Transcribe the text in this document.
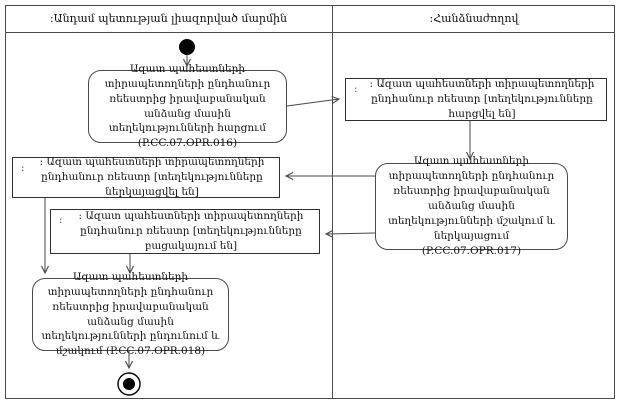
:Անդամ պետության լիազորված մարմին	:Հանձնաժողով
Ազատ պահեստների տիրապետողների ընդհանուր ռեեստրից իրավաբանական անձանց մասին տեղեկությունների հարցում (P.CC.07.OPR.016)
:	: Ազատ պահեստների տիրապետողների ընդհանուր ռեեստր [տեղեկությունները հարցվել են]
Ազատ պահեստների տիրապետողների ընդհանուր ռեեստրից իրավաբանական անձանց մասին տեղեկությունների մշակում և ներկայացում (P.CC.07.OPR.017)
:
: Ազատ պահեստների տիրապետողների ընդհանուր ռեեստր [տեղեկությունները ներկայացվել են]
:	: Ազատ պահեստների տիրապետողների ընդհանուր ռեեստր [տեղեկությունները բացակայում են]
Ազատ պահեստների տիրապետողների ընդհանուր ռեեստրից իրավաբանական անձանց մասին տեղեկությունների ընդունում և մշակում (P.CC.07.OPR.018)
